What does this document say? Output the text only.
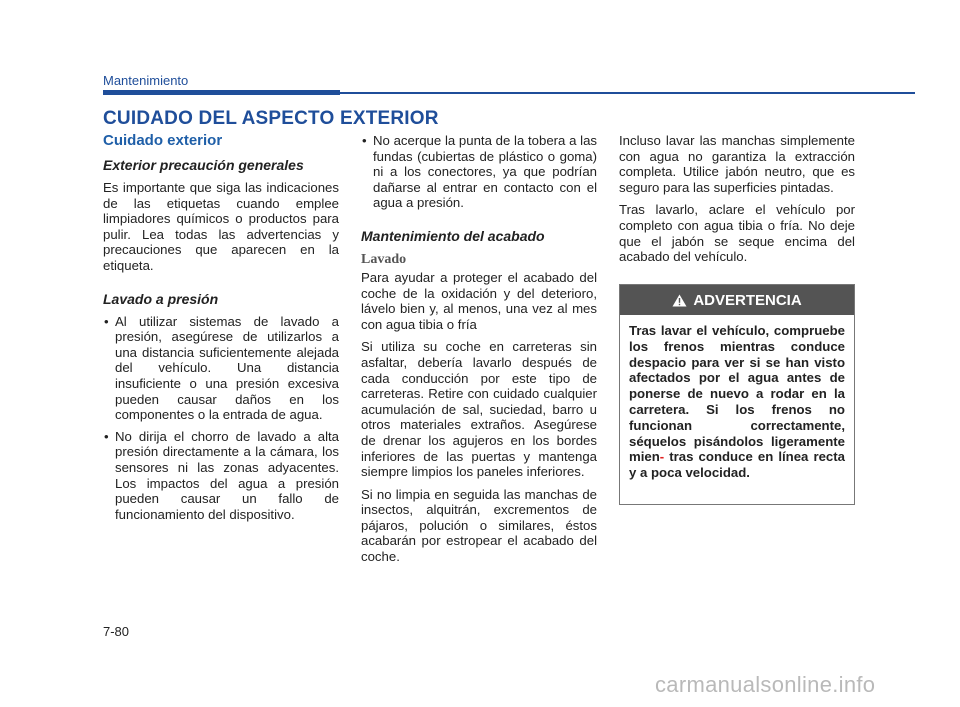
Mantenimiento
CUIDADO DEL ASPECTO EXTERIOR
Cuidado exterior
Exterior precaución generales

Es importante que siga las indicaciones de las etiquetas cuando emplee limpiadores químicos o productos para pulir. Lea todas las advertencias y precauciones que aparecen en la etiqueta.

Lavado a presión
• Al utilizar sistemas de lavado a presión, asegúrese de utilizarlos a una distancia suficientemente alejada del vehículo. Una distancia insuficiente o una presión excesiva pueden causar daños en los componentes o la entrada de agua.
• No dirija el chorro de lavado a alta presión directamente a la cámara, los sensores ni las zonas adyacentes. Los impactos del agua a presión pueden causar un fallo de funcionamiento del dispositivo.
• No acerque la punta de la tobera a las fundas (cubiertas de plástico o goma) ni a los conectores, ya que podrían dañarse al entrar en contacto con el agua a presión.
Mantenimiento del acabado
Lavado

Para ayudar a proteger el acabado del coche de la oxidación y del deterioro, lávelo bien y, al menos, una vez al mes con agua tibia o fría

Si utiliza su coche en carreteras sin asfaltar, debería lavarlo después de cada conducción por este tipo de carreteras. Retire con cuidado cualquier acumulación de sal, suciedad, barro u otros materiales extraños. Asegúrese de drenar los agujeros en los bordes inferiores de las puertas y mantenga siempre limpios los paneles inferiores.

Si no limpia en seguida las manchas de insectos, alquitrán, excrementos de pájaros, polución o similares, éstos acabarán por estropear el acabado del coche.

Incluso lavar las manchas simplemente con agua no garantiza la extracción completa. Utilice jabón neutro, que es seguro para las superficies pintadas.

Tras lavarlo, aclare el vehículo por completo con agua tibia o fría. No deje que el jabón se seque encima del acabado del vehículo.

ADVERTENCIA
Tras lavar el vehículo, compruebe los frenos mientras conduce despacio para ver si se han visto afectados por el agua antes de ponerse de nuevo a rodar en la carretera. Si los frenos no funcionan correctamente, séquelos pisándolos ligeramente mien- tras conduce en línea recta y a poca velocidad.
7-80
carmanualsonline.info
